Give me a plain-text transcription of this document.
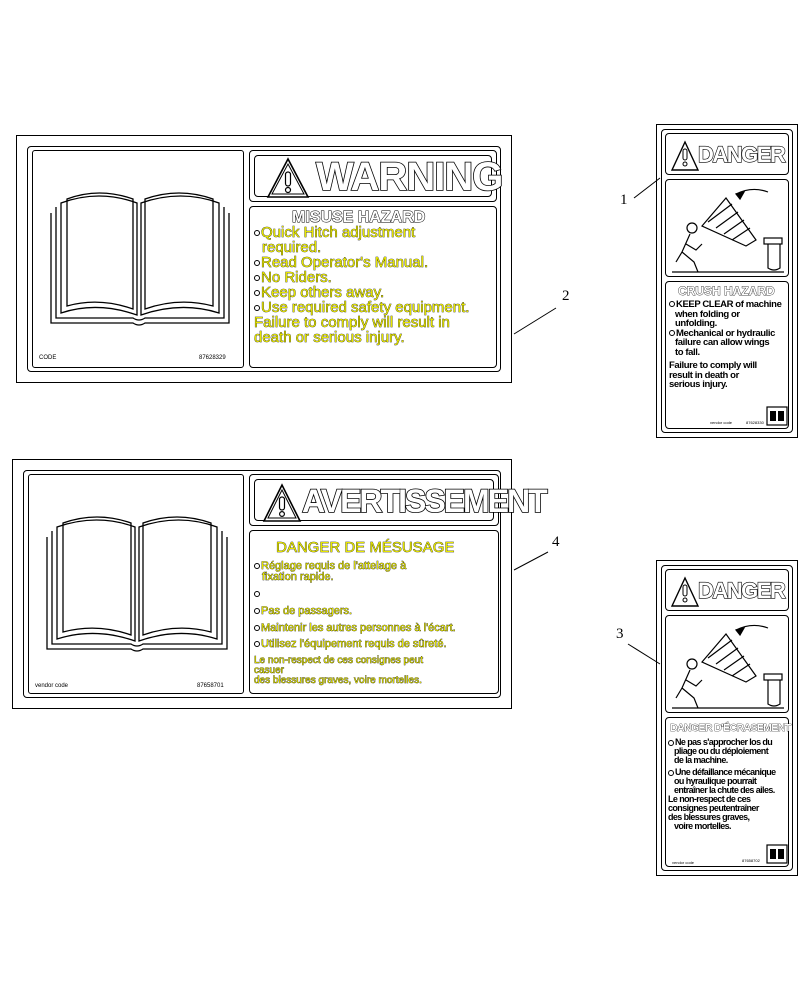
CODE	87628329
WARNING
MISUSE HAZARD
Quick Hitch adjustment
required.
Read Operator's Manual.
No Riders.
Keep others away.
Use required safety equipment.
Failure to comply will result in
death or serious injury.
vendor code	87658701
AVERTISSEMENT
DANGER DE MÉSUSAGE
Réglage requis de l'attelage à
fixation rapide.
Pas de passagers.
Maintenir les autres personnes à l'écart.
Utilisez l'équipement requis de sûreté.
Le non-respect de ces consignes peut
casuer
des blessures graves, voire mortelles.
DANGER
CRUSH HAZARD
KEEP CLEAR of machine
when folding or
unfolding.
Mechanical or hydraulic
failure can allow wings
to fall.
Failure to comply will
result in death or
serious injury.
vendor code	87628330
DANGER
DANGER D'ÉCRASEMENT
Ne pas s'approcher los du
pliage ou du déploiement
de la machine.
Une défaillance mécanique
ou hyraulique pourrait
entraîner la chute des ailes.
Le non-respect de ces
consignes peutentraîner
des blessures graves,
voire mortelles.
vendor code	87658702
1
2
3
4
